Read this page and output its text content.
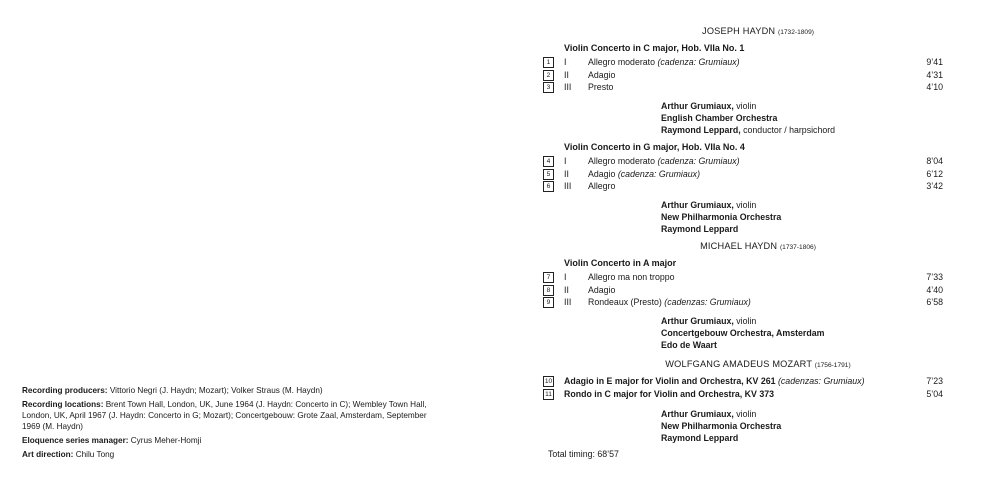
Recording producers: Vittorio Negri (J. Haydn; Mozart); Volker Straus (M. Haydn)

Recording locations: Brent Town Hall, London, UK, June 1964 (J. Haydn: Concerto in C); Wembley Town Hall, London, UK, April 1967 (J. Haydn: Concerto in G; Mozart); Concertgebouw: Grote Zaal, Amsterdam, September 1969 (M. Haydn)

Eloquence series manager: Cyrus Meher-Homji

Art direction: Chilu Tong

JOSEPH HAYDN (1732-1809)
Violin Concerto in C major, Hob. VIIa No. 1
1	I Allegro moderato (cadenza: Grumiaux)	9’41
2	II Adagio	4’31
3	III Presto	4’10
Arthur Grumiaux, violin
English Chamber Orchestra
Raymond Leppard, conductor / harpsichord
Violin Concerto in G major, Hob. VIIa No. 4
4	I Allegro moderato (cadenza: Grumiaux)	8’04
5	II Adagio (cadenza: Grumiaux)	6’12
6	III Allegro	3’42
Arthur Grumiaux, violin
New Philharmonia Orchestra
Raymond Leppard
MICHAEL HAYDN (1737-1806)
Violin Concerto in A major
7	I Allegro ma non troppo	7’33
8	II Adagio	4’40
9	III Rondeaux (Presto) (cadenzas: Grumiaux)	6’58
Arthur Grumiaux, violin
Concertgebouw Orchestra, Amsterdam
Edo de Waart
WOLFGANG AMADEUS MOZART (1756-1791)
10 Adagio in E major for Violin and Orchestra, KV 261 (cadenzas: Grumiaux)	7’23
11 Rondo in C major for Violin and Orchestra, KV 373	5’04
Arthur Grumiaux, violin
New Philharmonia Orchestra
Raymond Leppard
Total timing: 68’57
